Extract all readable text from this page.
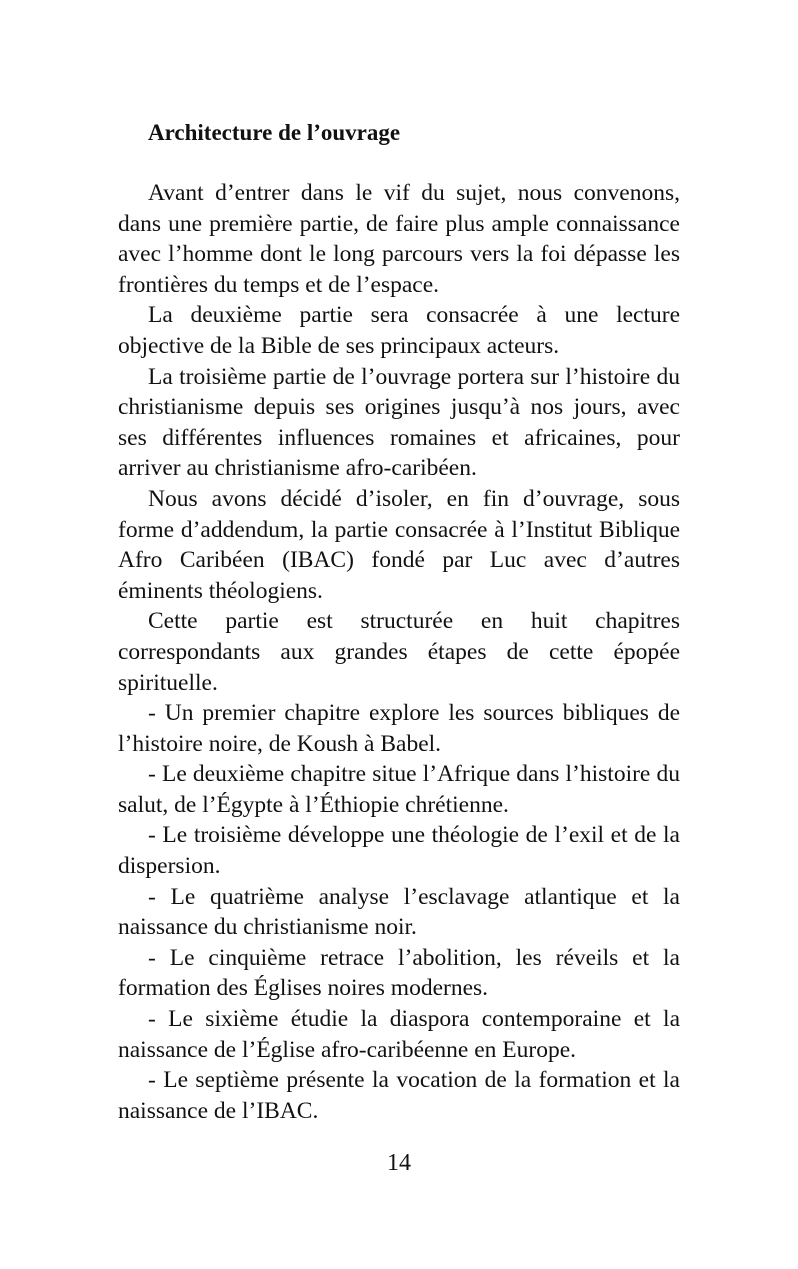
Architecture de l’ouvrage

Avant d’entrer dans le vif du sujet, nous convenons, dans une première partie, de faire plus ample connaissance avec l’homme dont le long parcours vers la foi dépasse les frontières du temps et de l’espace.

La deuxième partie sera consacrée à une lecture objective de la Bible de ses principaux acteurs.

La troisième partie de l’ouvrage portera sur l’histoire du christianisme depuis ses origines jusqu’à nos jours, avec ses différentes influences romaines et africaines, pour arriver au christianisme afro-caribéen.

Nous avons décidé d’isoler, en fin d’ouvrage, sous forme d’addendum, la partie consacrée à l’Institut Biblique Afro Caribéen (IBAC) fondé par Luc avec d’autres éminents théologiens.

Cette partie est structurée en huit chapitres correspondants aux grandes étapes de cette épopée spirituelle.

- Un premier chapitre explore les sources bibliques de l’histoire noire, de Koush à Babel.

- Le deuxième chapitre situe l’Afrique dans l’histoire du salut, de l’Égypte à l’Éthiopie chrétienne.

- Le troisième développe une théologie de l’exil et de la dispersion.

- Le quatrième analyse l’esclavage atlantique et la naissance du christianisme noir.

- Le cinquième retrace l’abolition, les réveils et la formation des Églises noires modernes.

- Le sixième étudie la diaspora contemporaine et la naissance de l’Église afro-caribéenne en Europe.

- Le septième présente la vocation de la formation et la naissance de l’IBAC.

14
